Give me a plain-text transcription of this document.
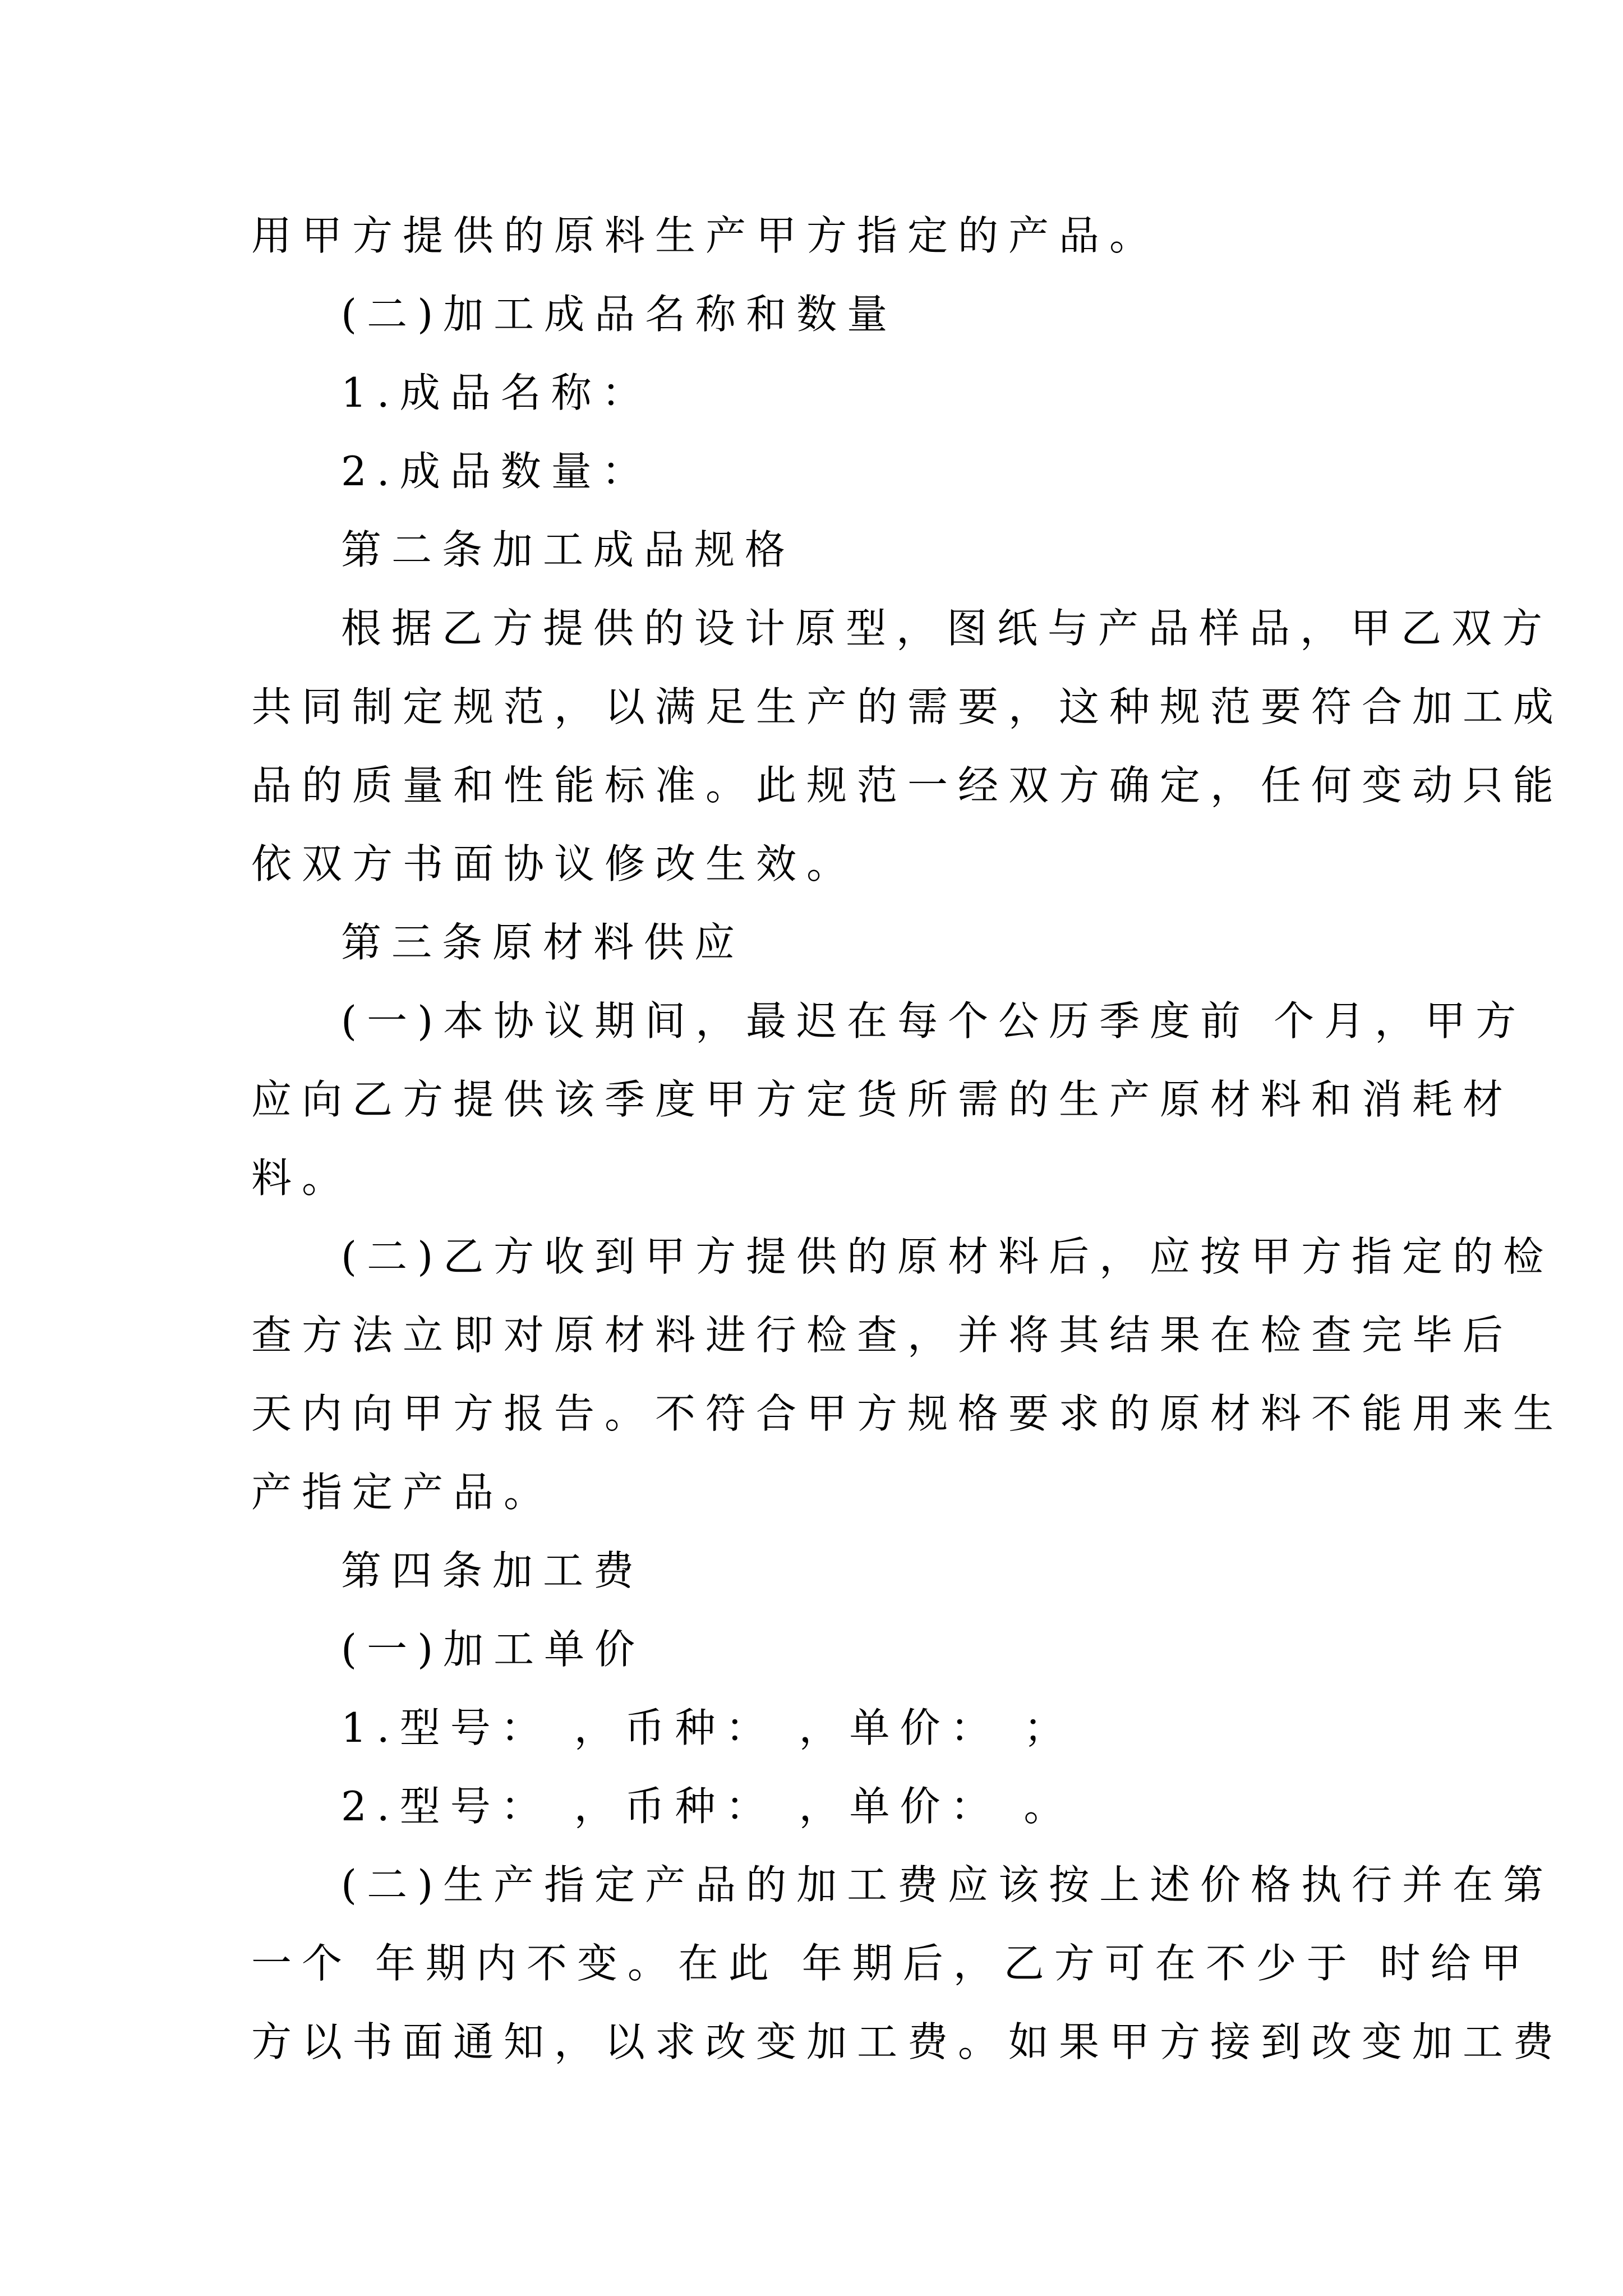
用甲方提供的原料生产甲方指定的产品。
(二)加工成品名称和数量
1.成品名称：
2.成品数量：
第二条加工成品规格
根据乙方提供的设计原型，图纸与产品样品，甲乙双方
共同制定规范，以满足生产的需要，这种规范要符合加工成
品的质量和性能标准。此规范一经双方确定，任何变动只能
依双方书面协议修改生效。
第三条原材料供应
(一)本协议期间，最迟在每个公历季度前 个月，甲方
应向乙方提供该季度甲方定货所需的生产原材料和消耗材
料。
(二)乙方收到甲方提供的原材料后，应按甲方指定的检
查方法立即对原材料进行检查，并将其结果在检查完毕后
天内向甲方报告。不符合甲方规格要求的原材料不能用来生
产指定产品。
第四条加工费
(一)加工单价
1.型号： ，币种： ，单价： ；
2.型号： ，币种： ，单价： 。
(二)生产指定产品的加工费应该按上述价格执行并在第
一个 年期内不变。在此 年期后，乙方可在不少于 时给甲
方以书面通知，以求改变加工费。如果甲方接到改变加工费
